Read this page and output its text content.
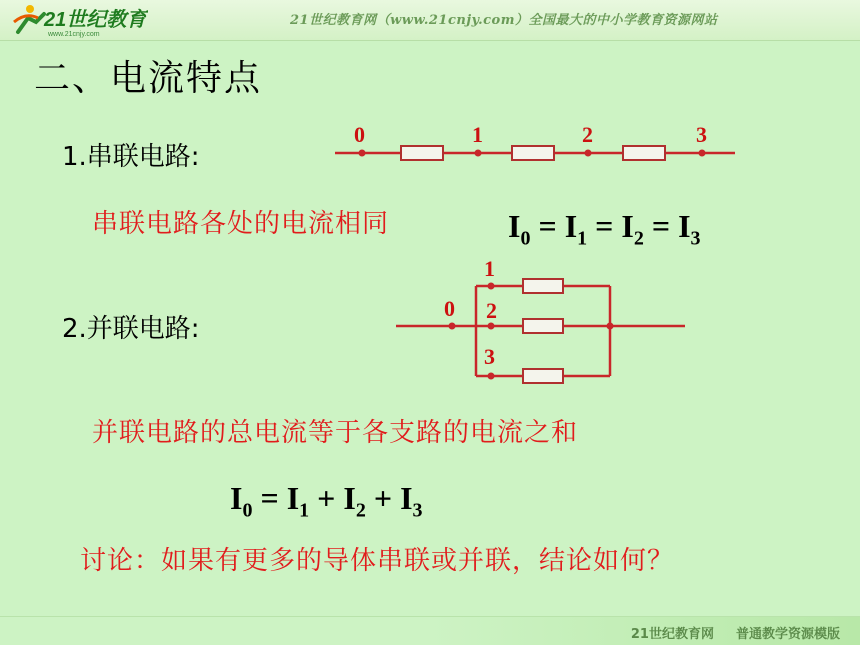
21世纪教育
www.21cnjy.com
21世纪教育网（www.21cnjy.com）全国最大的中小学教育资源网站
二、电流特点
1.串联电路:
串联电路各处的电流相同	$I_0 = I_1 = I_2 = I_3$
2.并联电路:
并联电路的总电流等于各支路的电流之和
$I_0 = I_1 + I_2 + I_3$
讨论：如果有更多的导体串联或并联，结论如何？
0	1	2	3
0
1
2
3
21世纪教育网 普通教学资源模版
